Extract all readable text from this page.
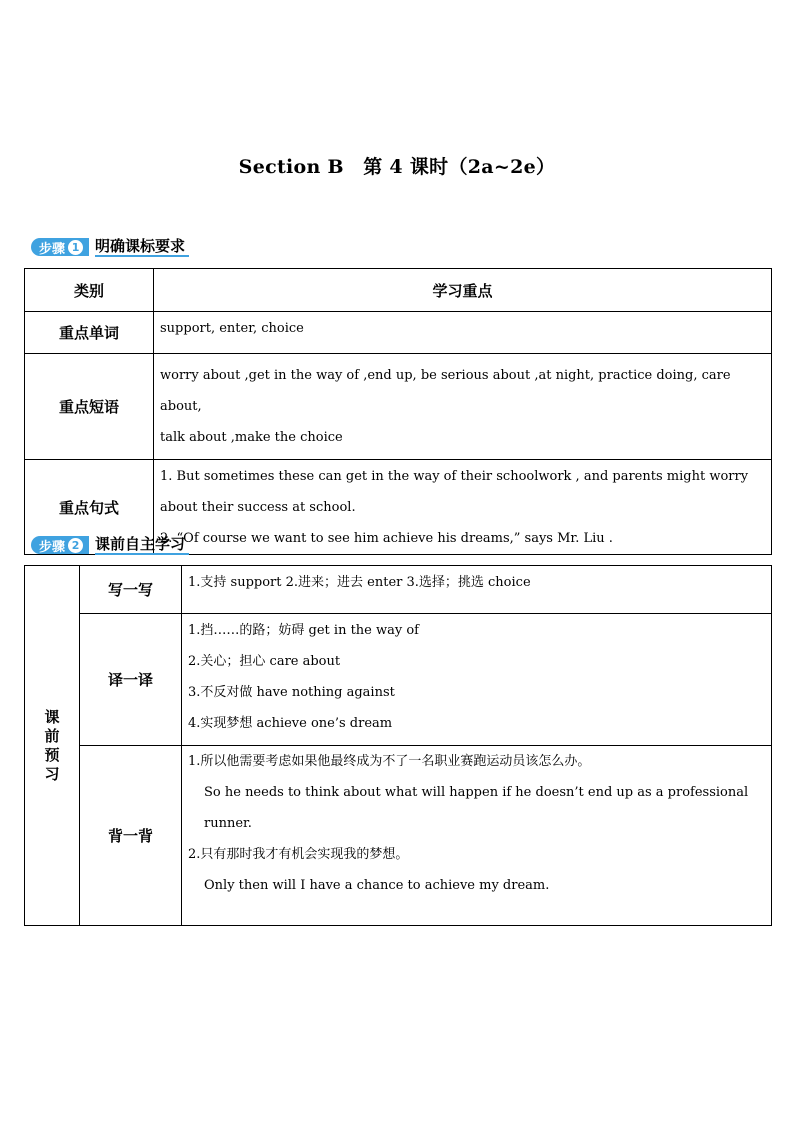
Section B　第 4 课时（2a~2e）
步骤 1 明确课标要求
类别	学习重点
重点单词	support, enter, choice

重点短语	worry about ,get in the way of ,end up, be serious about ,at night, practice doing, care about,

talk about ,make the choice

重点句式	1. But sometimes these can get in the way of their schoolwork , and parents might worry

about their success at school.

2. “Of course we want to see him achieve his dreams,” says Mr. Liu .

步骤 2 课前自主学习
课
前
预
习	写一写	1.支持 support 2.进来；进去 enter 3.选择；挑选 choice

	译一译	1.挡……的路；妨碍 get in the way of

2.关心；担心 care about

3.不反对做 have nothing against

4.实现梦想 achieve one’s dream

	背一背	1.所以他需要考虑如果他最终成为不了一名职业赛跑运动员该怎么办。

So he needs to think about what will happen if he doesn’t end up as a professional

runner.

2.只有那时我才有机会实现我的梦想。

Only then will I have a chance to achieve my dream.
